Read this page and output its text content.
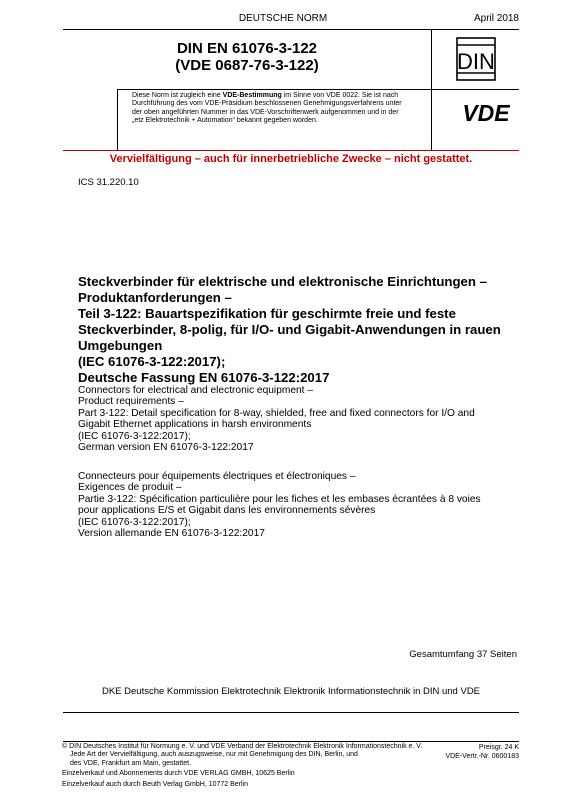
DEUTSCHE NORM	April 2018
DIN EN 61076-3-122
(VDE 0687-76-3-122)	DIN
Diese Norm ist zugleich eine VDE-Bestimmung im Sinne von VDE 0022. Sie ist nach
Durchführung des vom VDE-Präsidium beschlossenen Genehmigungsverfahrens unter
der oben angeführten Nummer in das VDE-Vorschriftenwerk aufgenommen und in der
„etz Elektrotechnik + Automation“ bekannt gegeben worden.	VDE
Vervielfältigung – auch für innerbetriebliche Zwecke – nicht gestattet.
ICS 31.220.10
Steckverbinder für elektrische und elektronische Einrichtungen –
Produktanforderungen –
Teil 3-122: Bauartspezifikation für geschirmte freie und feste
Steckverbinder, 8-polig, für I/O- und Gigabit-Anwendungen in rauen
Umgebungen
(IEC 61076-3-122:2017);
Deutsche Fassung EN 61076-3-122:2017
Connectors for electrical and electronic equipment –
Product requirements –
Part 3-122: Detail specification for 8-way, shielded, free and fixed connectors for I/O and
Gigabit Ethernet applications in harsh environments
(IEC 61076-3-122:2017);
German version EN 61076-3-122:2017
Connecteurs pour équipements électriques et électroniques –
Exigences de produit –
Partie 3-122: Spécification particulière pour les fiches et les embases écrantées à 8 voies
pour applications E/S et Gigabit dans les environnements sévères
(IEC 61076-3-122:2017);
Version allemande EN 61076-3-122:2017
Gesamtumfang 37 Seiten
DKE Deutsche Kommission Elektrotechnik Elektronik Informationstechnik in DIN und VDE
© DIN Deutsches Institut für Normung e. V. und VDE Verband der Elektrotechnik Elektronik Informationstechnik e. V.
Jede Art der Vervielfältigung, auch auszugsweise, nur mit Genehmigung des DIN, Berlin, und
des VDE, Frankfurt am Main, gestattet.
Einzelverkauf und Abonnements durch VDE VERLAG GMBH, 10625 Berlin
Einzelverkauf auch durch Beuth Verlag GmbH, 10772 Berlin
Preisgr. 24 K
VDE-Vertr.-Nr. 0600183
